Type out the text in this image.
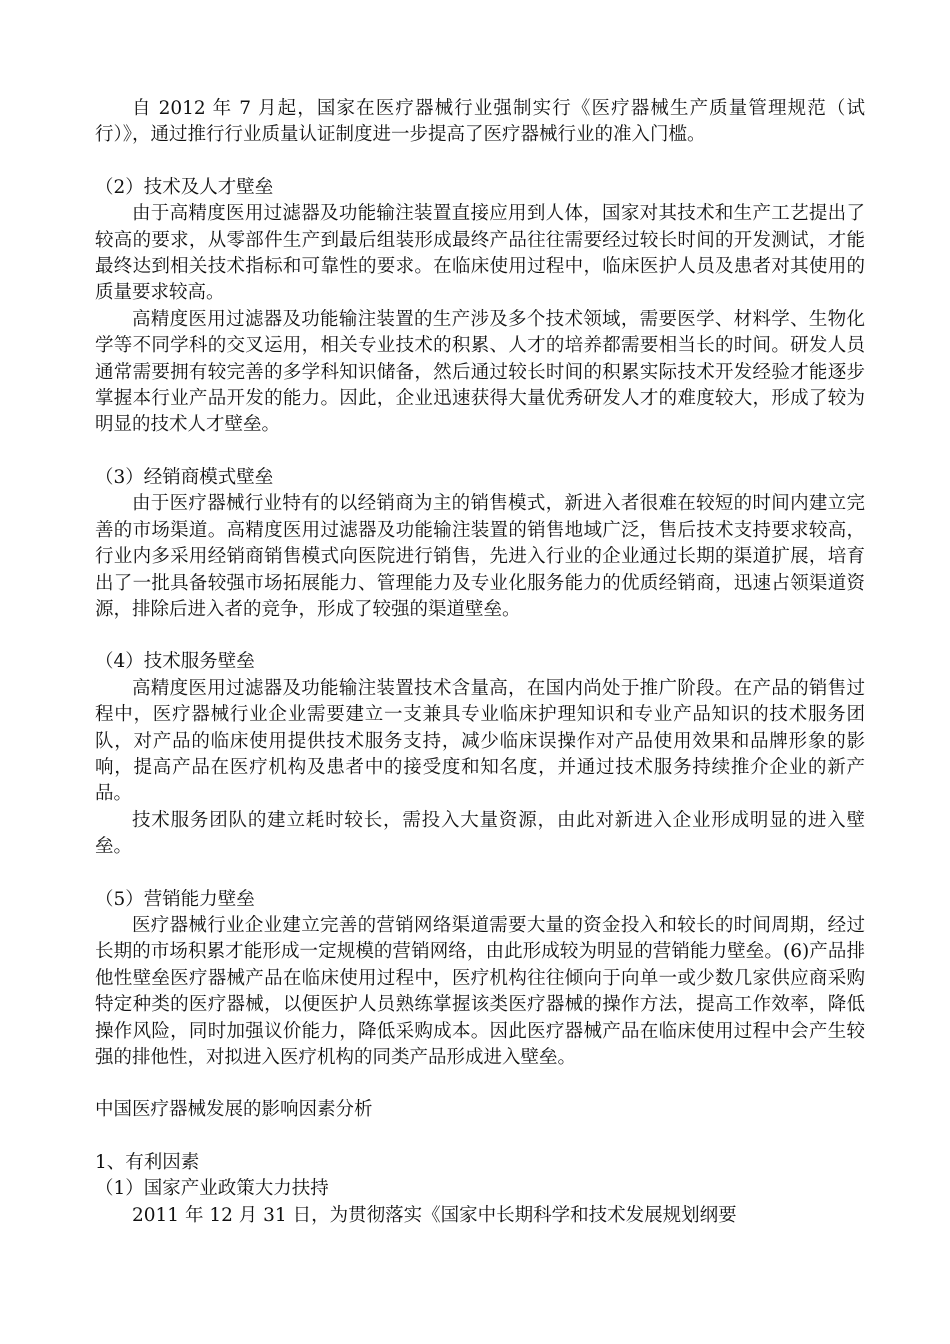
自 2012 年 7 月起，国家在医疗器械行业强制实行《医疗器械生产质量管理规范（试行）》，通过推行行业质量认证制度进一步提高了医疗器械行业的准入门槛。

（2）技术及人才壁垒

由于高精度医用过滤器及功能输注装置直接应用到人体，国家对其技术和生产工艺提出了较高的要求，从零部件生产到最后组装形成最终产品往往需要经过较长时间的开发测试，才能最终达到相关技术指标和可靠性的要求。在临床使用过程中，临床医护人员及患者对其使用的质量要求较高。

高精度医用过滤器及功能输注装置的生产涉及多个技术领域，需要医学、材料学、生物化学等不同学科的交叉运用，相关专业技术的积累、人才的培养都需要相当长的时间。研发人员通常需要拥有较完善的多学科知识储备，然后通过较长时间的积累实际技术开发经验才能逐步掌握本行业产品开发的能力。因此，企业迅速获得大量优秀研发人才的难度较大，形成了较为明显的技术人才壁垒。

（3）经销商模式壁垒

由于医疗器械行业特有的以经销商为主的销售模式，新进入者很难在较短的时间内建立完善的市场渠道。高精度医用过滤器及功能输注装置的销售地域广泛，售后技术支持要求较高，行业内多采用经销商销售模式向医院进行销售，先进入行业的企业通过长期的渠道扩展，培育出了一批具备较强市场拓展能力、管理能力及专业化服务能力的优质经销商，迅速占领渠道资源，排除后进入者的竞争，形成了较强的渠道壁垒。

（4）技术服务壁垒

高精度医用过滤器及功能输注装置技术含量高，在国内尚处于推广阶段。在产品的销售过程中，医疗器械行业企业需要建立一支兼具专业临床护理知识和专业产品知识的技术服务团队，对产品的临床使用提供技术服务支持，减少临床误操作对产品使用效果和品牌形象的影响，提高产品在医疗机构及患者中的接受度和知名度，并通过技术服务持续推介企业的新产品。

技术服务团队的建立耗时较长，需投入大量资源，由此对新进入企业形成明显的进入壁垒。

（5）营销能力壁垒

医疗器械行业企业建立完善的营销网络渠道需要大量的资金投入和较长的时间周期，经过长期的市场积累才能形成一定规模的营销网络，由此形成较为明显的营销能力壁垒。(6)产品排他性壁垒医疗器械产品在临床使用过程中，医疗机构往往倾向于向单一或少数几家供应商采购特定种类的医疗器械，以便医护人员熟练掌握该类医疗器械的操作方法，提高工作效率，降低操作风险，同时加强议价能力，降低采购成本。因此医疗器械产品在临床使用过程中会产生较强的排他性，对拟进入医疗机构的同类产品形成进入壁垒。

中国医疗器械发展的影响因素分析

1、有利因素

（1）国家产业政策大力扶持

2011 年 12 月 31 日，为贯彻落实《国家中长期科学和技术发展规划纲要
